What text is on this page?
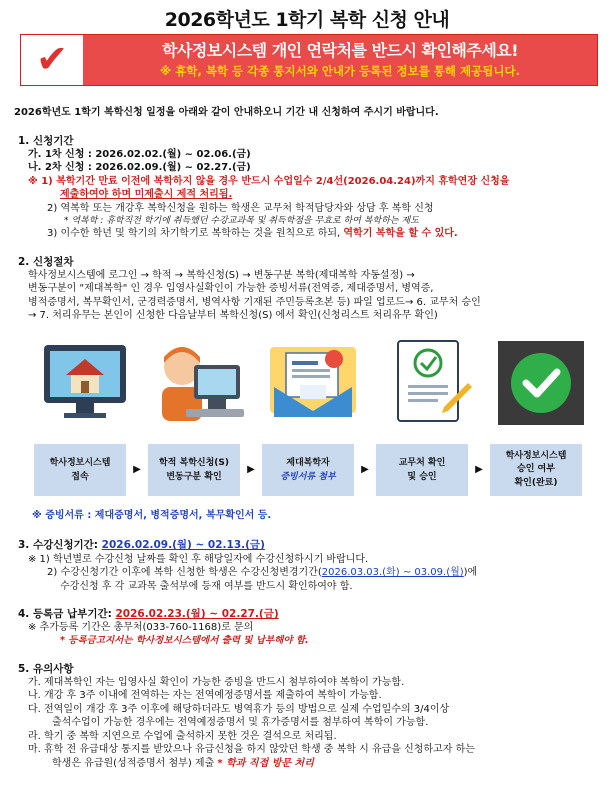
2026학년도 1학기 복학 신청 안내
✔	학사정보시스템 개인 연락처를 반드시 확인해주세요!
※ 휴학, 복학 등 각종 통지서와 안내가 등록된 정보를 통해 제공됩니다.
2026학년도 1학기 복학신청 일정을 아래와 같이 안내하오니 기간 내 신청하여 주시기 바랍니다.
1. 신청기간
가. 1차 신청 : 2026.02.02.(월) ~ 02.06.(금)
나. 2차 신청 : 2026.02.09.(월) ~ 02.27.(금)
※ 1) 복학기간 만료 이전에 복학하지 않을 경우 반드시 수업일수 2/4선(2026.04.24)까지 휴학연장 신청을
제출하여야 하며 미제출시 제적 처리됨.
2) 역복학 또는 개강후 복학신청을 원하는 학생은 교무처 학적담당자와 상담 후 복학 신청
* 역복학 : 휴학직전 학기에 취득했던 수강교과목 및 취득학점을 무효로 하여 복학하는 제도
3) 이수한 학년 및 학기의 차기학기로 복학하는 것을 원칙으로 하되, 역학기 복학을 할 수 있다.
2. 신청절차
학사정보시스템에 로그인 → 학적 → 복학신청(S) → 변동구분 복학(제대복학 자동설정) →
변동구분이 "제대복학" 인 경우 입영사실확인이 가능한 증빙서류(전역증, 제대증명서, 병역증,
병적증명서, 복무확인서, 군경력증명서, 병역사항 기재된 주민등록초본 등) 파일 업로드→ 6. 교무처 승인
→ 7. 처리유무는 본인이 신청한 다음날부터 복학신청(S) 에서 확인(신청리스트 처리유무 확인)
학사정보시스템
접속
▶
학적 복학신청(S)
변동구분 확인
▶
제대복학자
증빙서류 첨부
▶
교무처 확인
및 승인
▶
학사정보시스템
승인 여부
확인(완료)
※ 증빙서류 : 제대증명서, 병적증명서, 복무확인서 등.
3. 수강신청기간: 2026.02.09.(월) ~ 02.13.(금)
※ 1) 학년별로 수강신청 날짜를 확인 후 해당일자에 수강신청하시기 바랍니다.
2) 수강신청기간 이후에 복학 신청한 학생은 수강신청변경기간(2026.03.03.(화) ~ 03.09.(월))에
수강신청 후 각 교과목 출석부에 등재 여부를 반드시 확인하여야 함.
4. 등록금 납부기간: 2026.02.23.(월) ~ 02.27.(금)
※ 추가등록 기간은 총무처(033-760-1168)로 문의
* 등록금고지서는 학사정보시스템에서 출력 및 납부해야 함.
5. 유의사항
가. 제대복학인 자는 입영사실 확인이 가능한 증빙을 반드시 첨부하여야 복학이 가능함.
나. 개강 후 3주 이내에 전역하는 자는 전역예정증명서를 제출하여 복학이 가능함.
다. 전역일이 개강 후 3주 이후에 해당하더라도 병역휴가 등의 방법으로 실제 수업일수의 3/4이상
출석수업이 가능한 경우에는 전역예정증명서 및 휴가증명서를 첨부하여 복학이 가능함.
라. 학기 중 복학 지연으로 수업에 출석하지 못한 것은 결석으로 처리됨.
마. 휴학 전 유급대상 통지를 받았으나 유급신청을 하지 않았던 학생 중 복학 시 유급을 신청하고자 하는
학생은 유급원(성적증명서 첨부) 제출 * 학과 직접 방문 처리
